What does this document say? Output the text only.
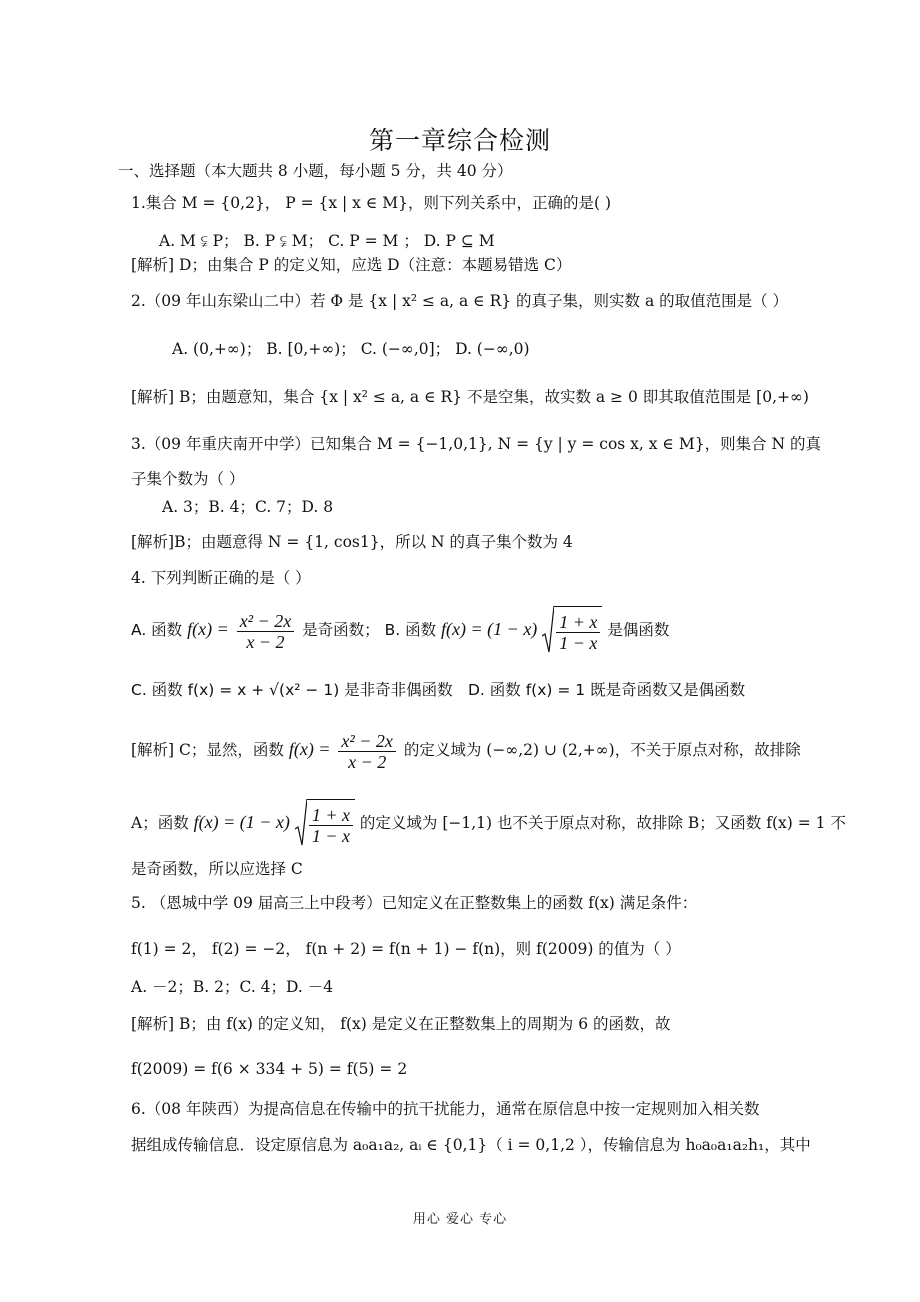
第一章综合检测
一、选择题（本大题共 8 小题，每小题 5 分，共 40 分）
1.集合 M = {0,2}， P = {x | x ∈ M}，则下列关系中，正确的是( )
A. M ⫋ P； B. P ⫋ M； C. P = M ； D. P ⊆ M
[解析] D；由集合 P 的定义知，应选 D（注意：本题易错选 C）
2.（09 年山东梁山二中）若 Φ 是 {x | x² ≤ a, a ∈ R} 的真子集，则实数 a 的取值范围是（ ）
A. (0,+∞)； B. [0,+∞)； C. (−∞,0]； D. (−∞,0)
[解析] B；由题意知，集合 {x | x² ≤ a, a ∈ R} 不是空集，故实数 a ≥ 0 即其取值范围是 [0,+∞)
3.（09 年重庆南开中学）已知集合 M = {−1,0,1}, N = {y | y = cos x, x ∈ M}，则集合 N 的真
子集个数为（ ）
A. 3；B. 4；C. 7；D. 8
[解析]B；由题意得 N = {1, cos1}，所以 N 的真子集个数为 4
4. 下列判断正确的是（ ）
A. 函数 $f(x) = \frac{\text{x² − 2x}}{x - 2}$ 是奇函数； B. 函数 $f(x) = (1 - x) \frac{1 + x}{1 - x}$ 是偶函数
C. 函数 f(x) = x + √(x² − 1) 是非奇非偶函数 D. 函数 f(x) = 1 既是奇函数又是偶函数
[解析] C；显然，函数 $f(x) = \frac{\text{x² − 2x}}{x - 2}$ 的定义域为 (−∞,2) ∪ (2,+∞)，不关于原点对称，故排除
A；函数 $f(x) = (1 - x) \frac{1 + x}{1 - x}$ 的定义域为 [−1,1) 也不关于原点对称，故排除 B；又函数 f(x) = 1 不
是奇函数，所以应选择 C
5. （恩城中学 09 届高三上中段考）已知定义在正整数集上的函数 f(x) 满足条件：
f(1) = 2， f(2) = −2， f(n + 2) = f(n + 1) − f(n)，则 f(2009) 的值为（ ）
A. －2；B. 2；C. 4；D. －4
[解析] B；由 f(x) 的定义知， f(x) 是定义在正整数集上的周期为 6 的函数，故
f(2009) = f(6 × 334 + 5) = f(5) = 2
6.（08 年陕西）为提高信息在传输中的抗干扰能力，通常在原信息中按一定规则加入相关数
据组成传输信息．设定原信息为 a₀a₁a₂, aᵢ ∈ {0,1}（ i = 0,1,2 ），传输信息为 h₀a₀a₁a₂h₁，其中
用心 爱心 专心
